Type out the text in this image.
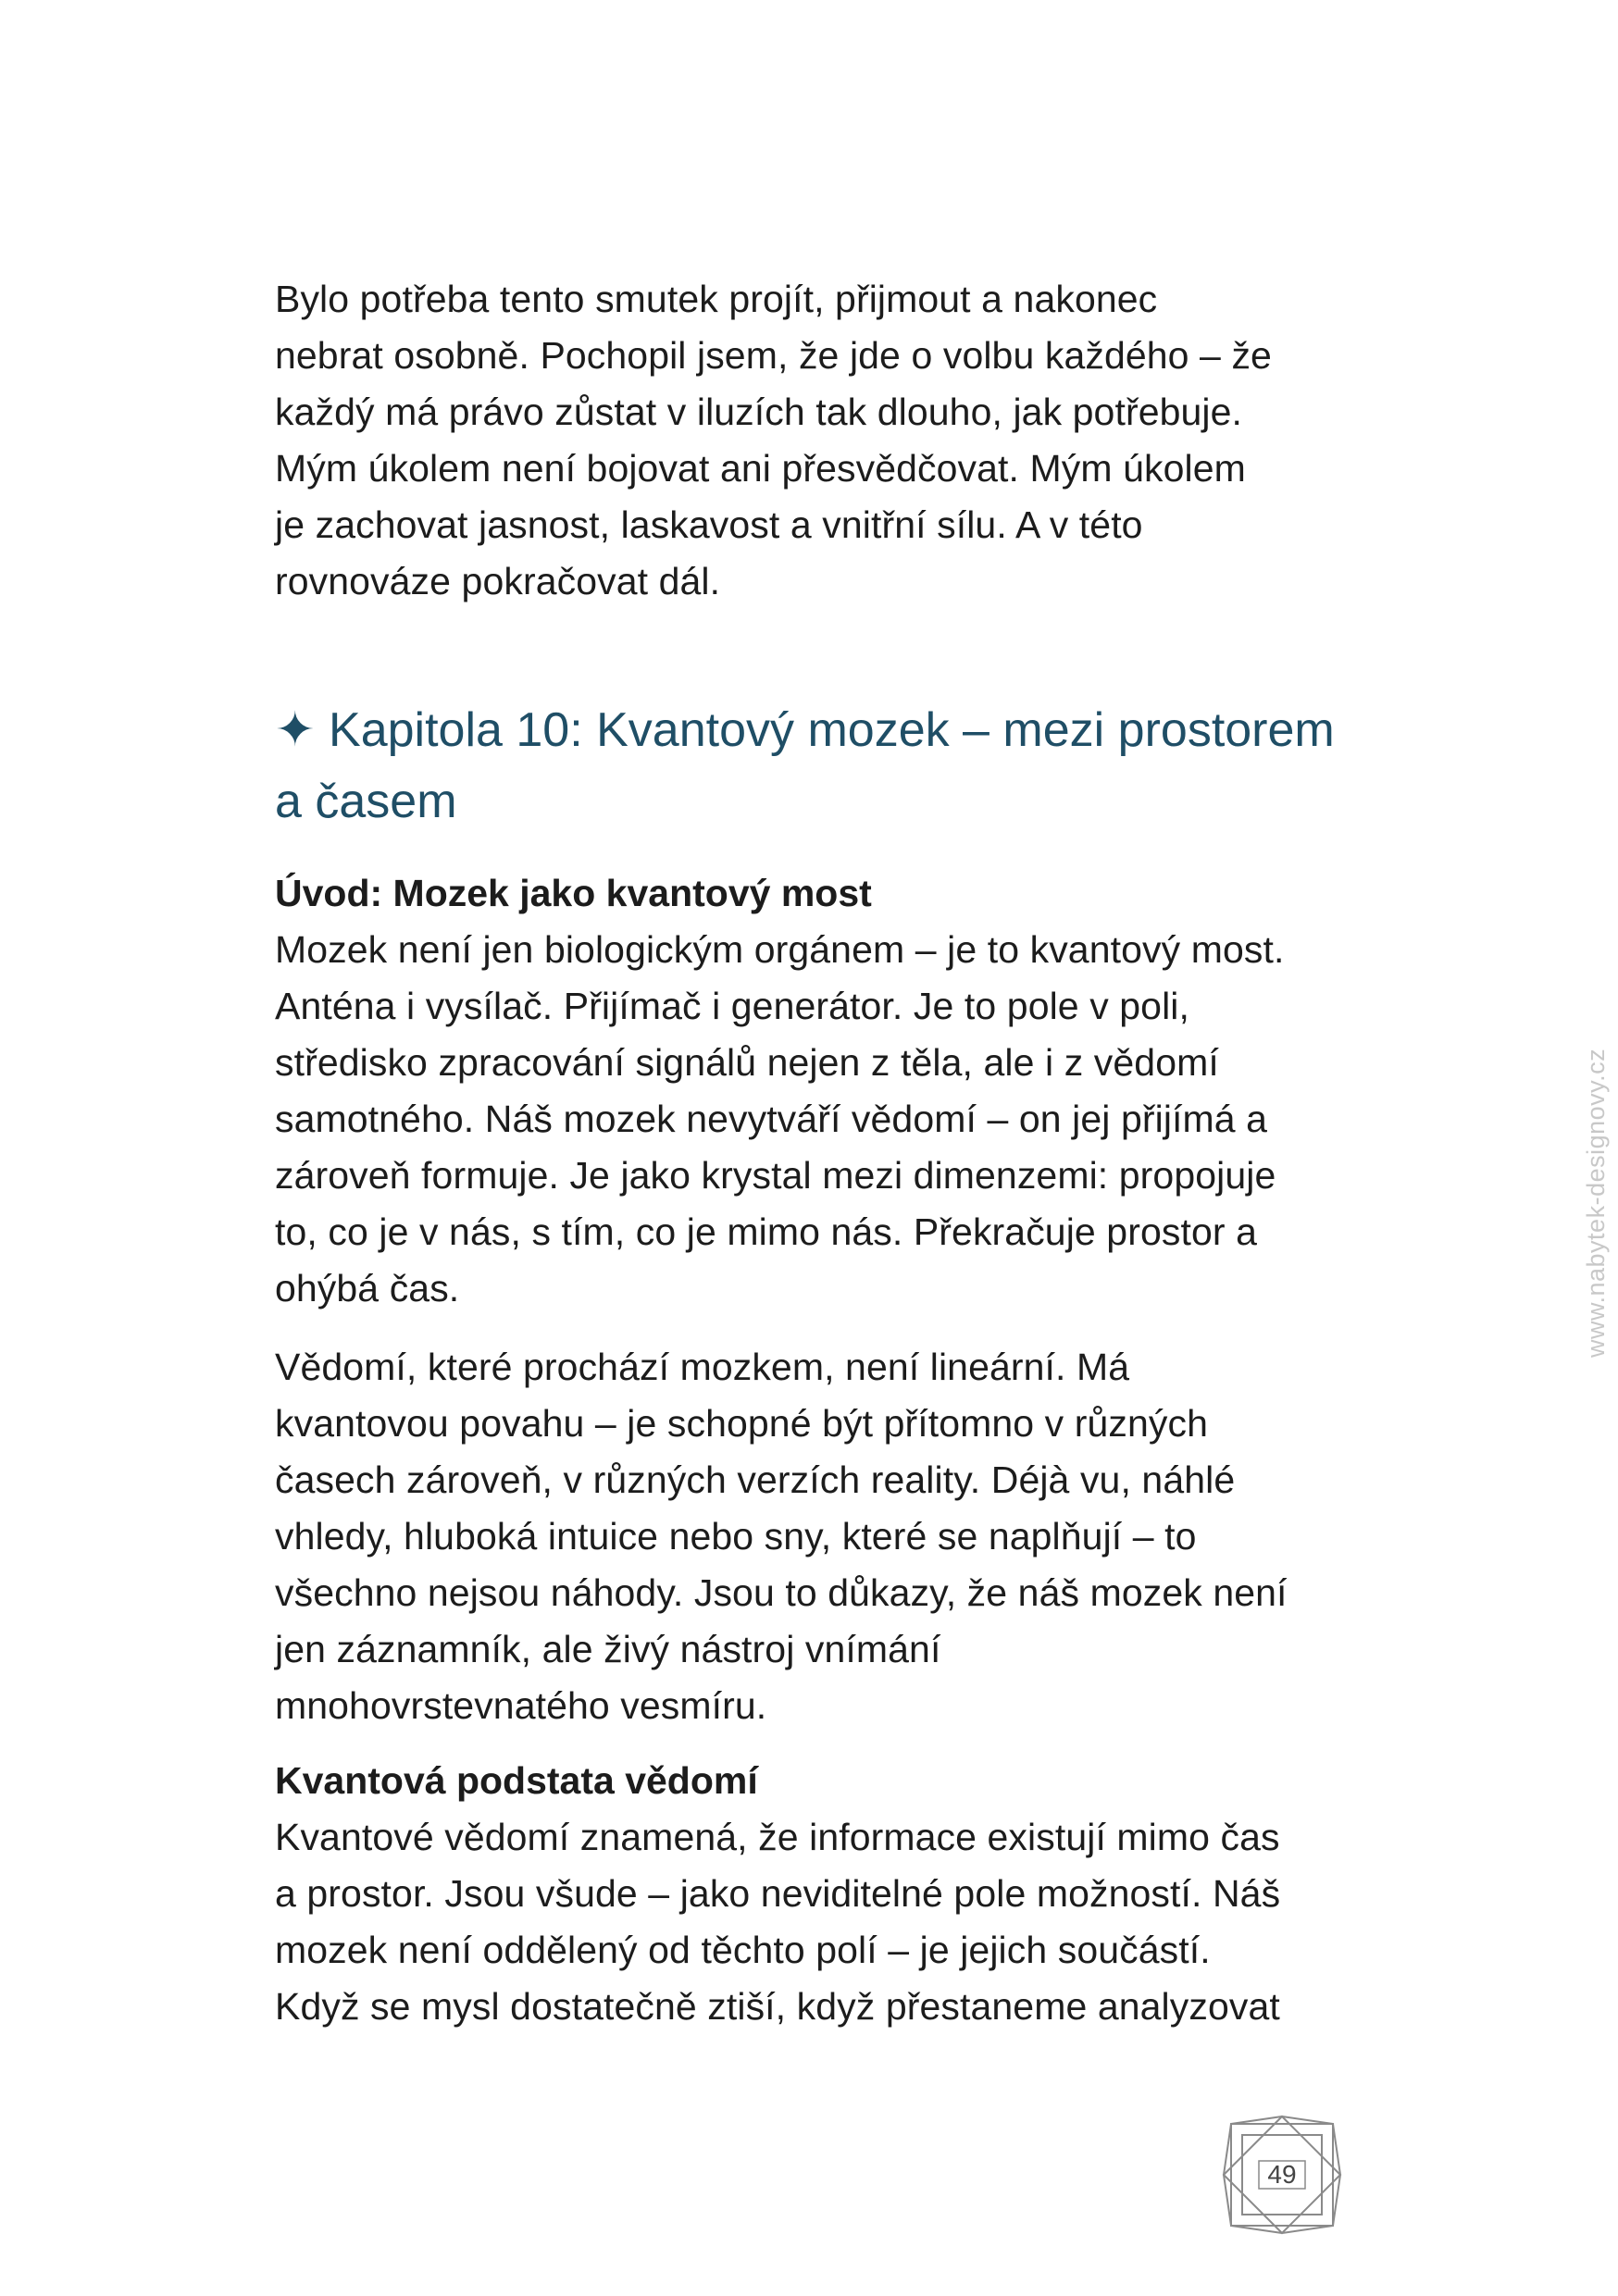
Bylo potřeba tento smutek projít, přijmout a nakonec
nebrat osobně. Pochopil jsem, že jde o volbu každého – že
každý má právo zůstat v iluzích tak dlouho, jak potřebuje.
Mým úkolem není bojovat ani přesvědčovat. Mým úkolem
je zachovat jasnost, laskavost a vnitřní sílu. A v této
rovnováze pokračovat dál.

✦ Kapitola 10: Kvantový mozek – mezi prostorem
a časem
Úvod: Mozek jako kvantový most

Mozek není jen biologickým orgánem – je to kvantový most.
Anténa i vysílač. Přijímač i generátor. Je to pole v poli,
středisko zpracování signálů nejen z těla, ale i z vědomí
samotného. Náš mozek nevytváří vědomí – on jej přijímá a
zároveň formuje. Je jako krystal mezi dimenzemi: propojuje
to, co je v nás, s tím, co je mimo nás. Překračuje prostor a
ohýbá čas.

Vědomí, které prochází mozkem, není lineární. Má
kvantovou povahu – je schopné být přítomno v různých
časech zároveň, v různých verzích reality. Déjà vu, náhlé
vhledy, hluboká intuice nebo sny, které se naplňují – to
všechno nejsou náhody. Jsou to důkazy, že náš mozek není
jen záznamník, ale živý nástroj vnímání
mnohovrstevnatého vesmíru.

Kvantová podstata vědomí

Kvantové vědomí znamená, že informace existují mimo čas
a prostor. Jsou všude – jako neviditelné pole možností. Náš
mozek není oddělený od těchto polí – je jejich součástí.
Když se mysl dostatečně ztiší, když přestaneme analyzovat

www.nabytek-designovy.cz
49
